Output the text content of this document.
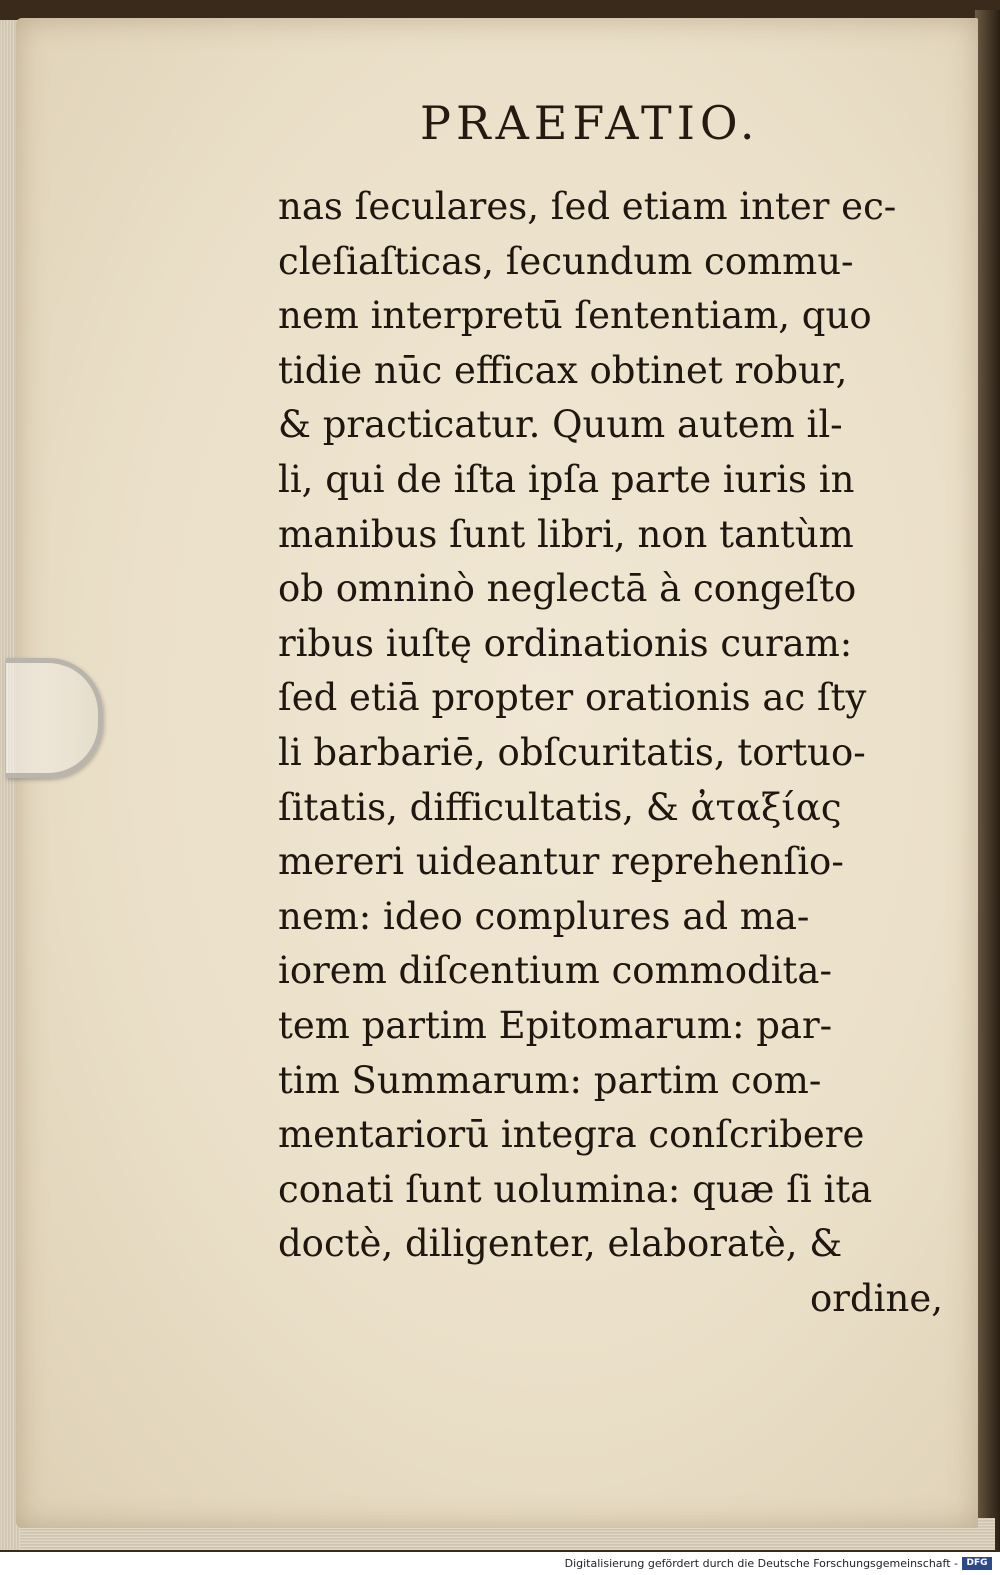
PRAEFATIO.
nas ſeculares, ſed etiam inter ec-
cleſiaſticas, ſecundum commu-
nem interpretū ſententiam, quo
tidie nūc efficax obtinet robur,
& practicatur. Quum autem il-
li, qui de iſta ipſa parte iuris in
manibus ſunt libri, non tantùm
ob omninò neglectā à congeſto
ribus iuſtę ordinationis curam:
ſed etiā propter orationis ac ſty
li barbariē, obſcuritatis, tortuo-
ſitatis, difficultatis, & ἀταξίας
mereri uideantur reprehenſio-
nem: ideo complures ad ma-
iorem diſcentium commodita-
tem partim Epitomarum: par-
tim Summarum: partim com-
mentariorū integra conſcribere
conati ſunt uolumina: quæ ſi ita
doctè, diligenter, elaboratè, &
ordine,
Digitalisierung gefördert durch die Deutsche Forschungsgemeinschaft - DFG
